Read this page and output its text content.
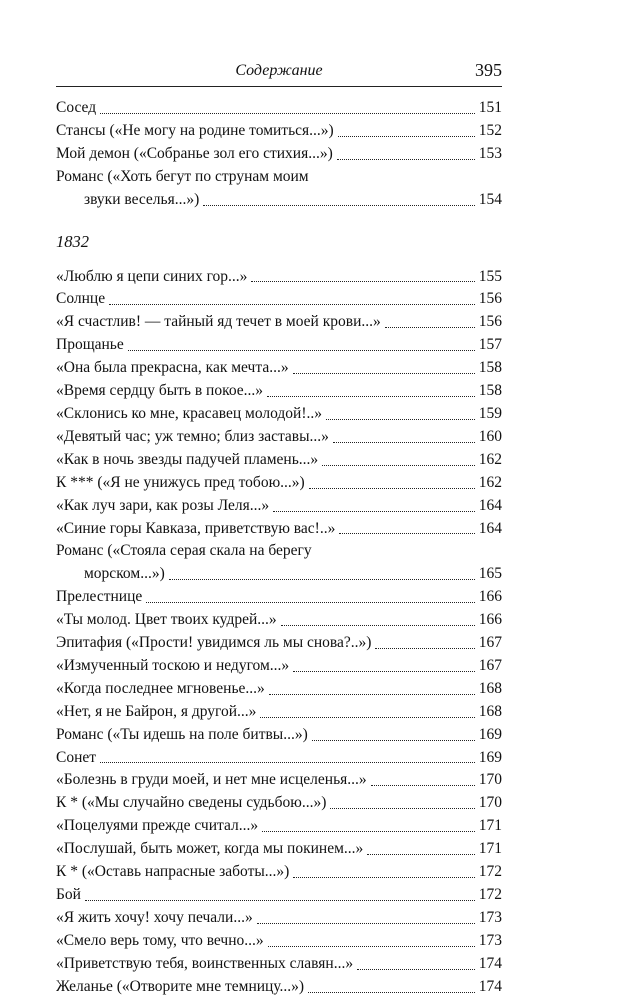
Содержание	395
Сосед	151
Стансы («Не могу на родине томиться...»)	152
Мой демон («Собранье зол его стихия...»)	153
Романс («Хоть бегут по струнам моим
звуки веселья...»)	154
1832
«Люблю я цепи синих гор...»	155
Солнце	156
«Я счастлив! — тайный яд течет в моей крови...»	156
Прощанье	157
«Она была прекрасна, как мечта...»	158
«Время сердцу быть в покое...»	158
«Склонись ко мне, красавец молодой!..»	159
«Девятый час; уж темно; близ заставы...»	160
«Как в ночь звезды падучей пламень...»	162
К *** («Я не унижусь пред тобою...»)	162
«Как луч зари, как розы Леля...»	164
«Синие горы Кавказа, приветствую вас!..»	164
Романс («Стояла серая скала на берегу
морском...»)	165
Прелестнице	166
«Ты молод. Цвет твоих кудрей...»	166
Эпитафия («Прости! увидимся ль мы снова?..»)	167
«Измученный тоскою и недугом...»	167
«Когда последнее мгновенье...»	168
«Нет, я не Байрон, я другой...»	168
Романс («Ты идешь на поле битвы...»)	169
Сонет	169
«Болезнь в груди моей, и нет мне исцеленья...»	170
К * («Мы случайно сведены судьбою...»)	170
«Поцелуями прежде считал...»	171
«Послушай, быть может, когда мы покинем...»	171
К * («Оставь напрасные заботы...»)	172
Бой	172
«Я жить хочу! хочу печали...»	173
«Смело верь тому, что вечно...»	173
«Приветствую тебя, воинственных славян...»	174
Желанье («Отворите мне темницу...»)	174
